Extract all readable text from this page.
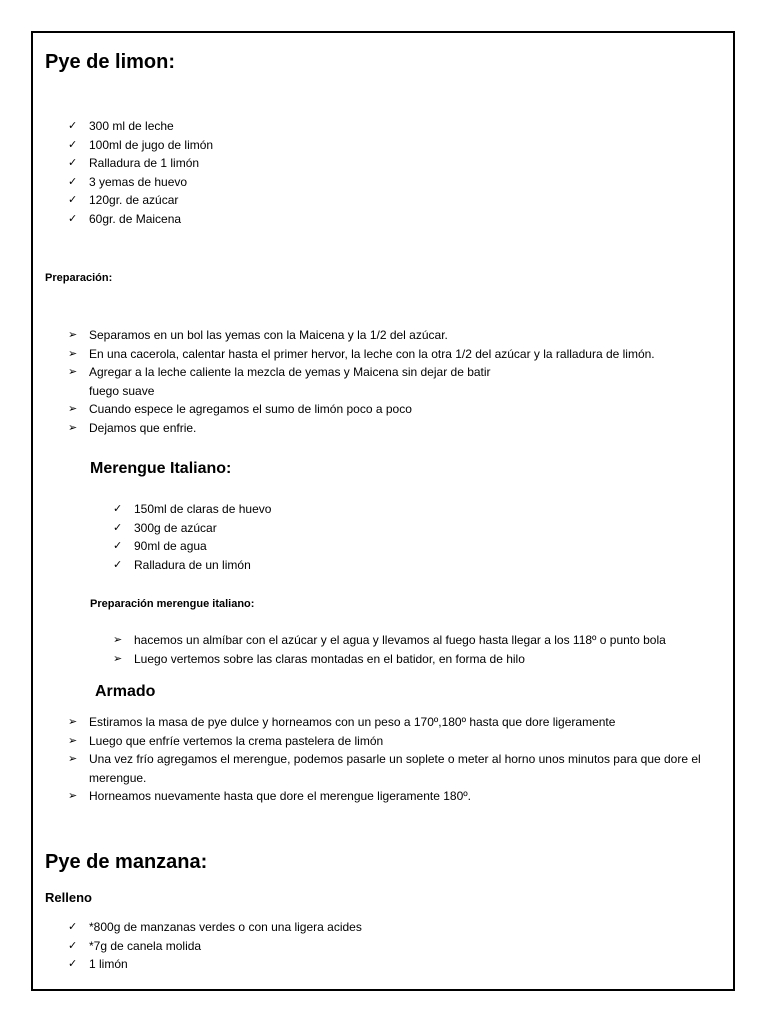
Pye de limon:
✓ 300 ml de leche
✓ 100ml de jugo de limón
✓ Ralladura de 1 limón
✓ 3 yemas de huevo
✓ 120gr. de azúcar
✓ 60gr. de Maicena

Preparación:

➢ Separamos en un bol las yemas con la Maicena y la 1/2 del azúcar.
➢ En una cacerola, calentar hasta el primer hervor, la leche con la otra 1/2 del azúcar y la ralladura de limón.
➢ Agregar a la leche caliente la mezcla de yemas y Maicena sin dejar de batir
fuego suave
➢ Cuando espece le agregamos el sumo de limón poco a poco
➢ Dejamos que enfrie.
Merengue Italiano:
✓ 150ml de claras de huevo
✓ 300g de azúcar
✓ 90ml de agua
✓ Ralladura de un limón

Preparación merengue italiano:

➢ hacemos un almíbar con el azúcar y el agua y llevamos al fuego hasta llegar a los 118º o punto bola
➢ Luego vertemos sobre las claras montadas en el batidor, en forma de hilo
Armado
➢ Estiramos la masa de pye dulce y horneamos con un peso a 170º,180º hasta que dore ligeramente
➢ Luego que enfríe vertemos la crema pastelera de limón
➢ Una vez frío agregamos el merengue, podemos pasarle un soplete o meter al horno unos minutos para que dore el merengue.
➢ Horneamos nuevamente hasta que dore el merengue ligeramente 180º.
Pye de manzana:

Relleno

✓ *800g de manzanas verdes o con una ligera acides
✓ *7g de canela molida
✓ 1 limón
